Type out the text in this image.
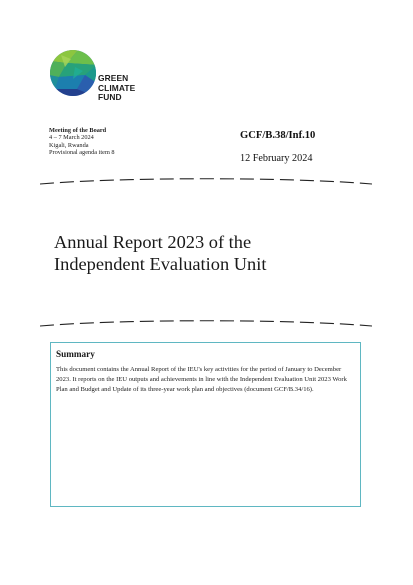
GREEN
CLIMATE
FUND
Meeting of the Board
4 – 7 March 2024
Kigali, Rwanda
Provisional agenda item 8
GCF/B.38/Inf.10
12 February 2024
Annual Report 2023 of the
Independent Evaluation Unit
Summary
This document contains the Annual Report of the IEU's key activities for the period of January to December 2023. It reports on the IEU outputs and achievements in line with the Independent Evaluation Unit 2023 Work Plan and Budget and Update of its three-year work plan and objectives (document GCF/B.34/16).
